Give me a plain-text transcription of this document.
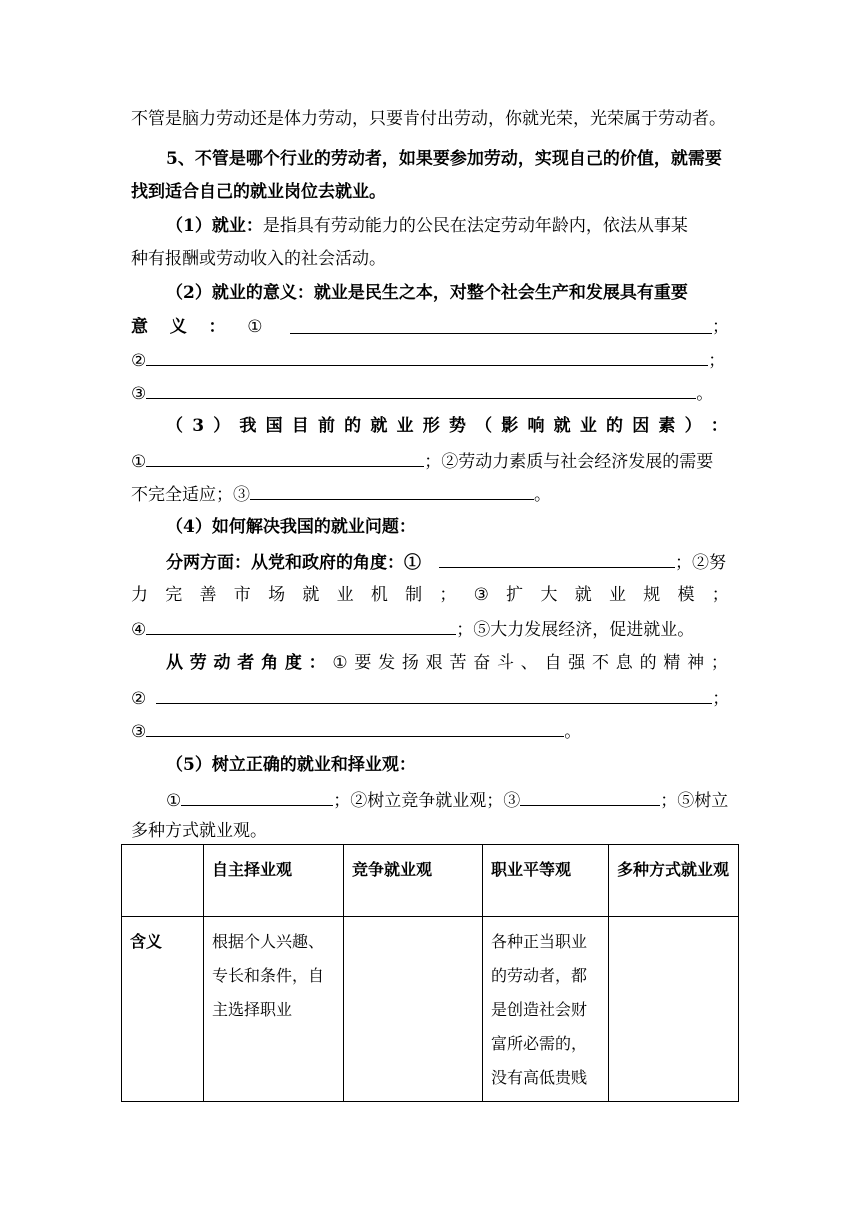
不管是脑力劳动还是体力劳动，只要肯付出劳动，你就光荣，光荣属于劳动者。
5、不管是哪个行业的劳动者，如果要参加劳动，实现自己的价值，就需要
找到适合自己的就业岗位去就业。
（1）就业：是指具有劳动能力的公民在法定劳动年龄内，依法从事某
种有报酬或劳动收入的社会活动。
（2）就业的意义：就业是民生之本，对整个社会生产和发展具有重要
意	义	：	①	；
②	；
③	。
（ 3 ） 我 国 目 前 的 就 业 形 势 （ 影 响 就 业 的 因 素 ） ：
①	；②劳动力素质与社会经济发展的需要
不完全适应；③	。
（4）如何解决我国的就业问题：
分两方面：从党和政府的角度：①	；②努
力 完 善 市 场 就 业 机 制 ； ③ 扩 大 就 业 规 模 ；
④	；⑤大力发展经济，促进就业。
从 劳 动 者 角 度 ： ① 要 发 扬 艰 苦 奋 斗 、 自 强 不 息 的 精 神 ；
②	；
③	。
（5）树立正确的就业和择业观：
①	；②树立竞争就业观；③	；⑤树立
多种方式就业观。
	自主择业观	竞争就业观	职业平等观	多种方式就业观
含义	根据个人兴趣、专长和条件，自主选择职业		各种正当职业的劳动者，都是创造社会财富所必需的，没有高低贵贱	
